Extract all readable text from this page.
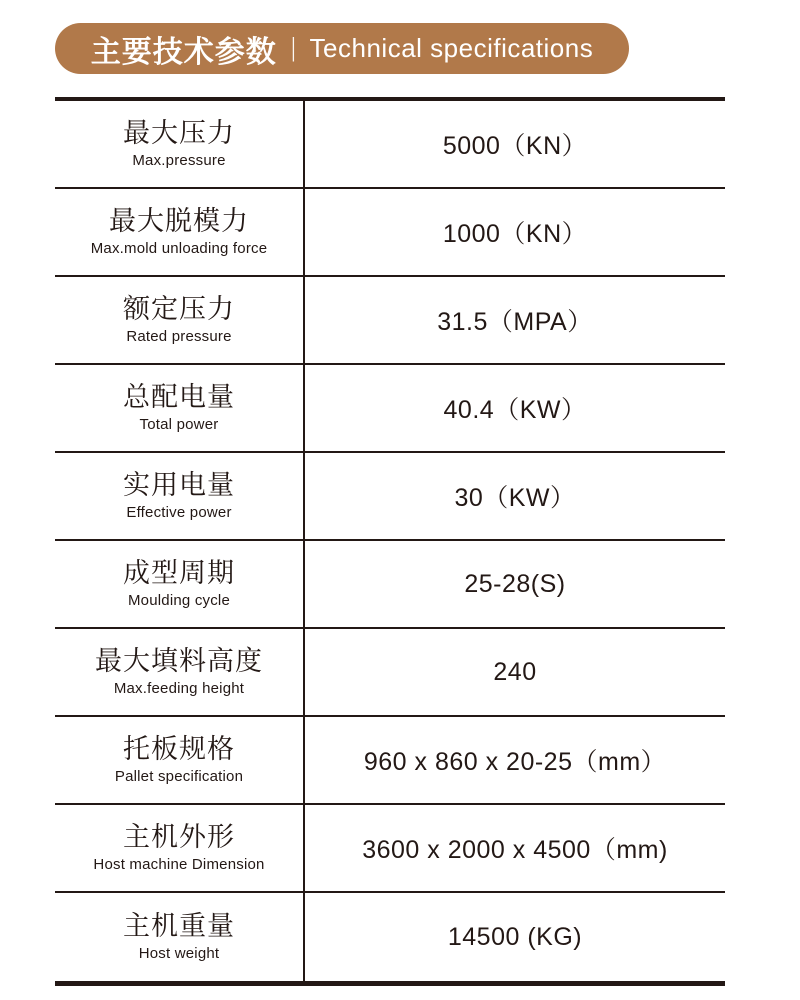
主要技术参数 | Technical specifications
最大压力
Max.pressure
5000（KN）
最大脱模力
Max.mold unloading force
1000（KN）
额定压力
Rated pressure
31.5（MPA）
总配电量
Total power
40.4（KW）
实用电量
Effective power
30（KW）
成型周期
Moulding cycle
25-28(S)
最大填料高度
Max.feeding height
240
托板规格
Pallet specification
960 x 860 x 20-25（mm）
主机外形
Host machine Dimension
3600 x 2000 x 4500（mm)
主机重量
Host weight
14500 (KG)
